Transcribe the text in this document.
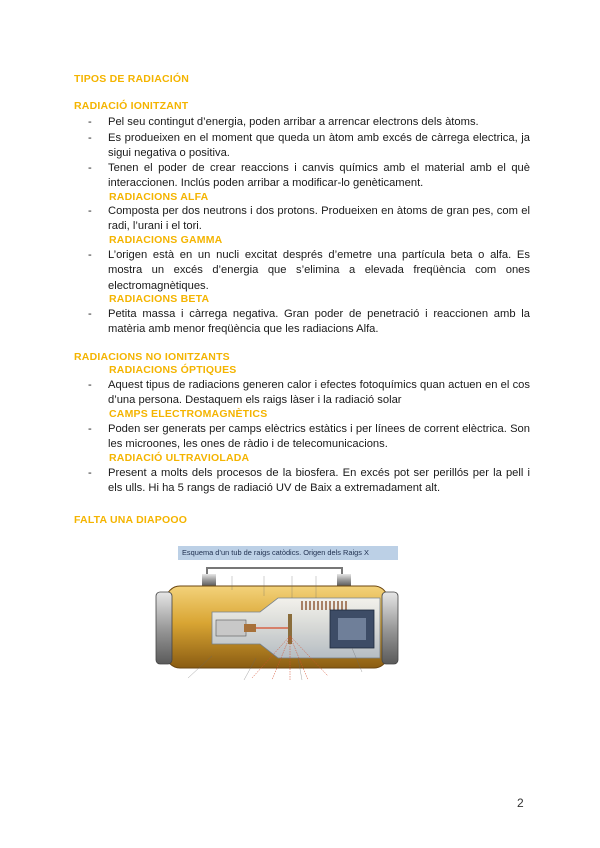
TIPOS DE RADIACIÓN
RADIACIÓ IONITZANT
- Pel seu contingut d’energia, poden arribar a arrencar electrons dels àtoms.
- Es produeixen en el moment que queda un àtom amb excés de càrrega electrica, ja sigui negativa o positiva.
- Tenen el poder de crear reaccions i canvis químics amb el material amb el què interaccionen. Inclús poden arribar a modificar-lo genèticament.
RADIACIONS ALFA
- Composta per dos neutrons i dos protons. Produeixen en àtoms de gran pes, com el radi, l’urani i el tori.
RADIACIONS GAMMA
- L’origen està en un nucli excitat després d’emetre una partícula beta o alfa. Es mostra un excés d’energia que s’elimina a elevada freqüència com ones electromagnètiques.
RADIACIONS BETA
- Petita massa i càrrega negativa. Gran poder de penetració i reaccionen amb la matèria amb menor freqüència que les radiacions Alfa.
RADIACIONS NO IONITZANTS
RADIACIONS ÓPTIQUES
- Aquest tipus de radiacions generen calor i efectes fotoquímics quan actuen en el cos d’una persona. Destaquem els raigs làser i la radiació solar
CAMPS ELECTROMAGNÈTICS
- Poden ser generats per camps elèctrics estàtics i per línees de corrent elèctrica. Son les microones, les ones de ràdio i de telecomunicacions.
RADIACIÓ ULTRAVIOLADA
- Present a molts dels procesos de la biosfera. En excés pot ser perillós per la pell i els ulls. Hi ha 5 rangs de radiació UV de Baix a extremadament alt.
FALTA UNA DIAPOOO
Esquema d’un tub de raigs catòdics. Origen dels Raigs X
2
